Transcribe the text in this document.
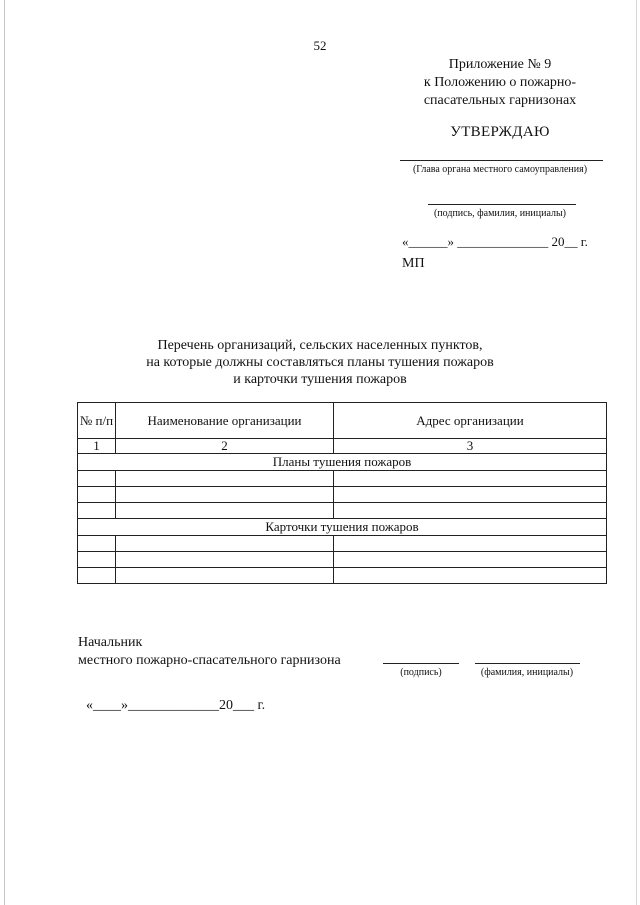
52
Приложение № 9
к Положению о пожарно-
спасательных гарнизонах
УТВЕРЖДАЮ
(Глава органа местного самоуправления)
(подпись, фамилия, инициалы)
«______» ______________ 20__ г.
МП
Перечень организаций, сельских населенных пунктов,
на которые должны составляться планы тушения пожаров
и карточки тушения пожаров
№ п/п	Наименование организации	Адрес организации
1	2	3
Планы тушения пожаров		

Карточки тушения пожаров		

Начальник
местного пожарно-спасательного гарнизона
(подпись)	(фамилия, инициалы)
«____»_____________20___ г.
